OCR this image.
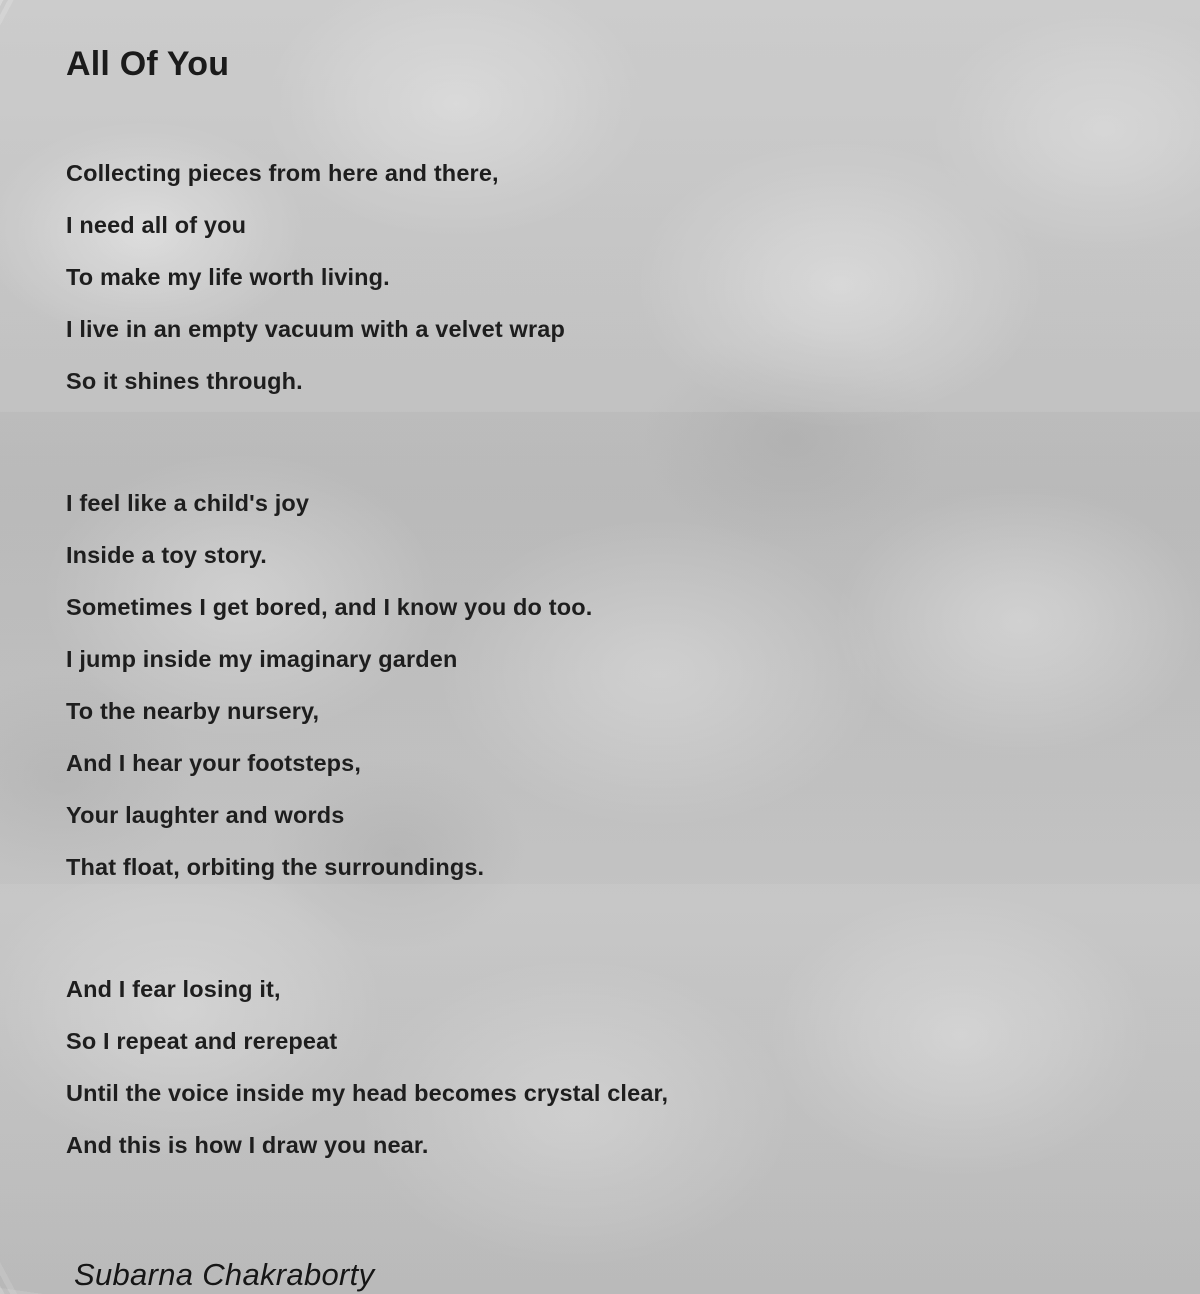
All Of You
Collecting pieces from here and there,
I need all of you
To make my life worth living.
I live in an empty vacuum with a velvet wrap
So it shines through.
I feel like a child's joy
Inside a toy story.
Sometimes I get bored, and I know you do too.
I jump inside my imaginary garden
To the nearby nursery,
And I hear your footsteps,
Your laughter and words
That float, orbiting the surroundings.
And I fear losing it,
So I repeat and rerepeat
Until the voice inside my head becomes crystal clear,
And this is how I draw you near.
Subarna Chakraborty
